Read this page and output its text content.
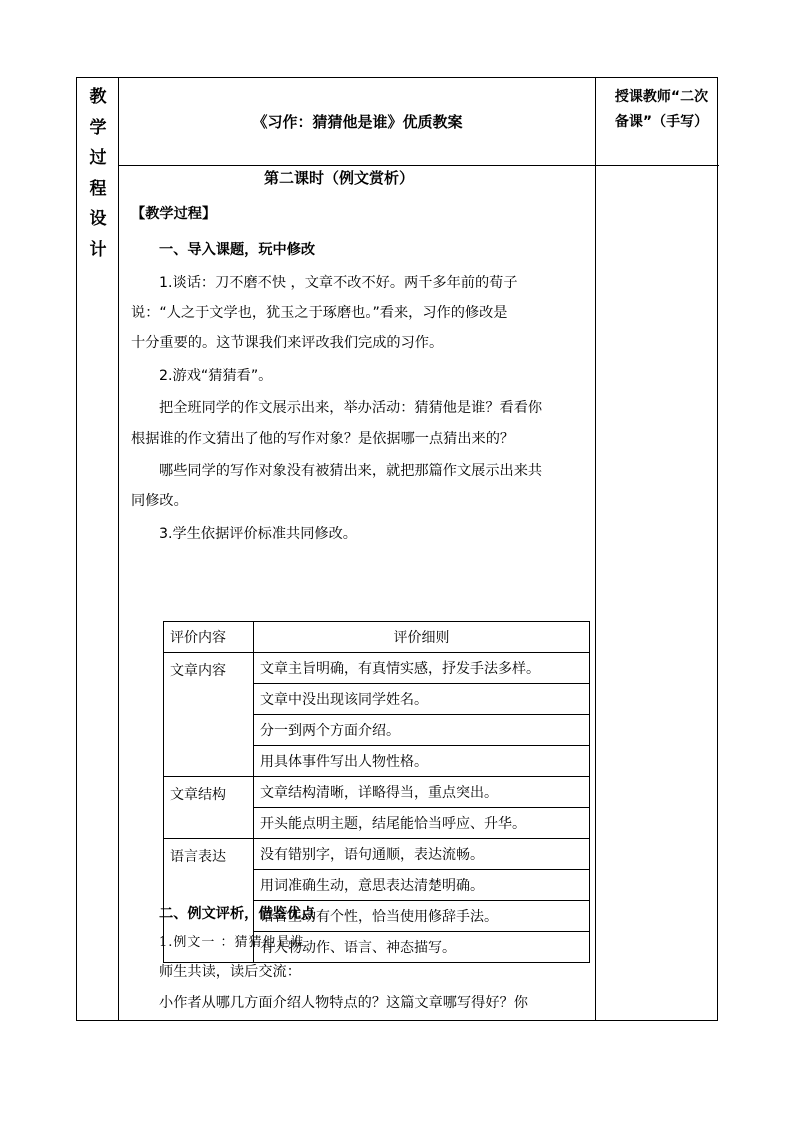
教
学
过
程
设
计
《习作：猜猜他是谁》优质教案
授课教师“二次备课”（手写）
第二课时（例文赏析）
【教学过程】
一、导入课题，玩中修改
1.谈话：刀不磨不快 ，文章不改不好。两千多年前的荀子
说：“人之于文学也，犹玉之于琢磨也。”看来，习作的修改是
十分重要的。这节课我们来评改我们完成的习作。
2.游戏“猜猜看”。
把全班同学的作文展示出来，举办活动：猜猜他是谁？看看你
根据谁的作文猜出了他的写作对象？是依据哪一点猜出来的？
哪些同学的写作对象没有被猜出来，就把那篇作文展示出来共
同修改。
3.学生依据评价标准共同修改。
二、例文评析，借鉴优点
1.例文一 ：猜猜他是谁
师生共读，读后交流：
小作者从哪几方面介绍人物特点的？这篇文章哪写得好？你
评价内容	评价细则
文章内容	文章主旨明确，有真情实感，抒发手法多样。
	文章中没出现该同学姓名。
	分一到两个方面介绍。
	用具体事件写出人物性格。
文章结构	文章结构清晰，详略得当，重点突出。
	开头能点明主题，结尾能恰当呼应、升华。
语言表达	没有错别字，语句通顺，表达流畅。
	用词准确生动，意思表达清楚明确。
	语言生动有个性，恰当使用修辞手法。
	有人物动作、语言、神态描写。
